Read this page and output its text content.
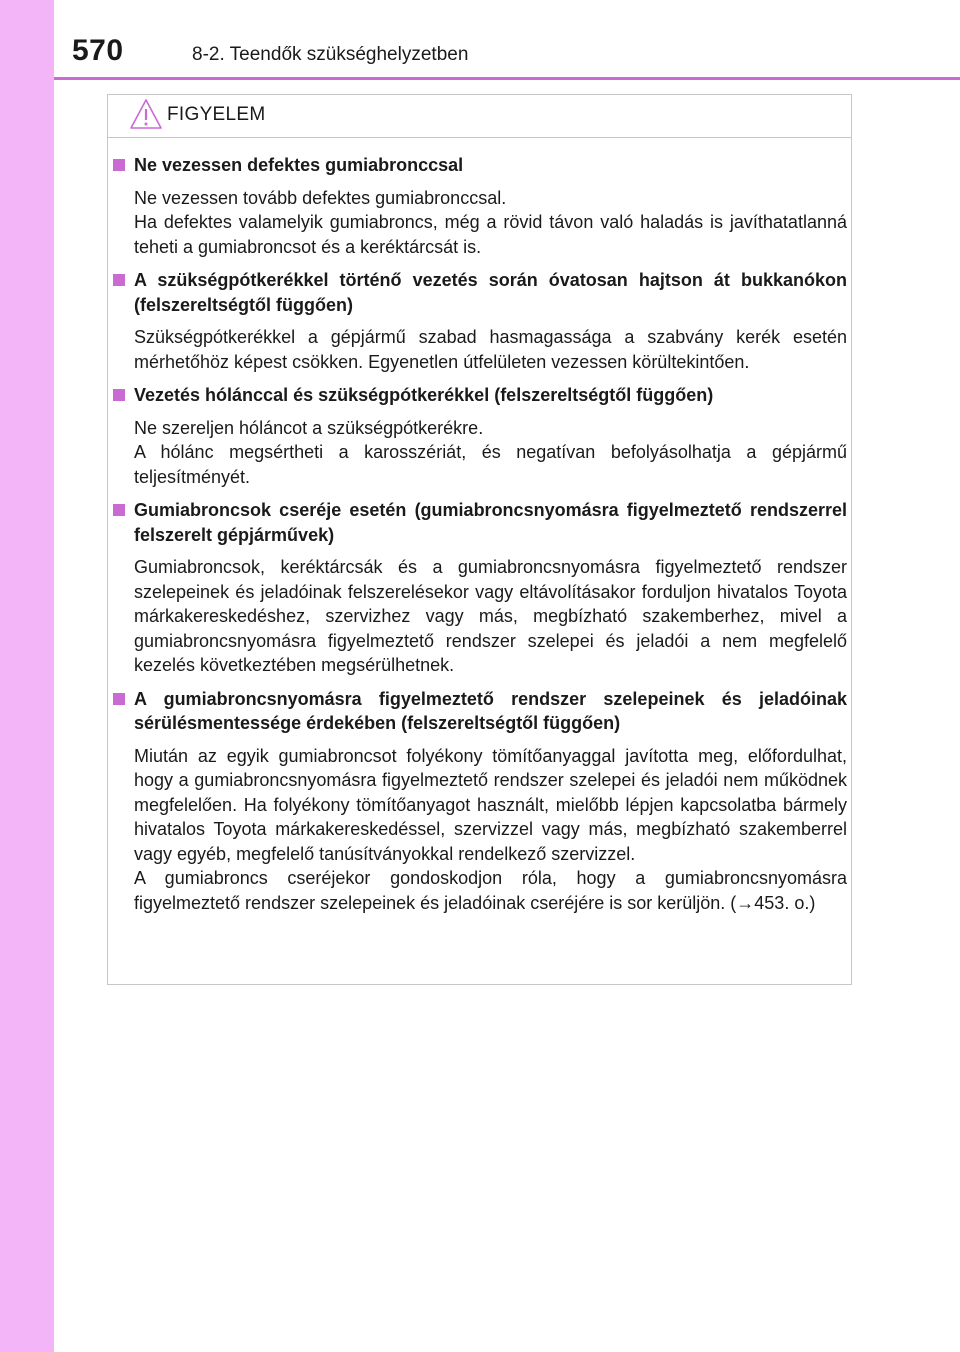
570	8-2. Teendők szükséghelyzetben
FIGYELEM
Ne vezessen defektes gumiabronccsal

Ne vezessen tovább defektes gumiabronccsal.

Ha defektes valamelyik gumiabroncs, még a rövid távon való haladás is javíthatatlanná teheti a gumiabroncsot és a keréktárcsát is.

A szükségpótkerékkel történő vezetés során óvatosan hajtson át bukkanókon (felszereltségtől függően)

Szükségpótkerékkel a gépjármű szabad hasmagassága a szabvány kerék esetén mérhetőhöz képest csökken. Egyenetlen útfelületen vezessen körültekintően.

Vezetés hólánccal és szükségpótkerékkel (felszereltségtől függően)

Ne szereljen hóláncot a szükségpótkerékre.

A hólánc megsértheti a karosszériát, és negatívan befolyásolhatja a gépjármű teljesítményét.

Gumiabroncsok cseréje esetén (gumiabroncsnyomásra figyelmeztető rendszerrel felszerelt gépjárművek)

Gumiabroncsok, keréktárcsák és a gumiabroncsnyomásra figyelmeztető rendszer szelepeinek és jeladóinak felszerelésekor vagy eltávolításakor forduljon hivatalos Toyota márkakereskedéshez, szervizhez vagy más, megbízható szakemberhez, mivel a gumiabroncsnyomásra figyelmeztető rendszer szelepei és jeladói a nem megfelelő kezelés következtében megsérülhetnek.

A gumiabroncsnyomásra figyelmeztető rendszer szelepeinek és jeladóinak sérülésmentessége érdekében (felszereltségtől függően)

Miután az egyik gumiabroncsot folyékony tömítőanyaggal javította meg, előfordulhat, hogy a gumiabroncsnyomásra figyelmeztető rendszer szelepei és jeladói nem működnek megfelelően. Ha folyékony tömítőanyagot használt, mielőbb lépjen kapcsolatba bármely hivatalos Toyota márkakereskedéssel, szervizzel vagy más, megbízható szakemberrel vagy egyéb, megfelelő tanúsítványokkal rendelkező szervizzel.

A gumiabroncs cseréjekor gondoskodjon róla, hogy a gumiabroncsnyomásra figyelmeztető rendszer szelepeinek és jeladóinak cseréjére is sor kerüljön. (→453. o.)
